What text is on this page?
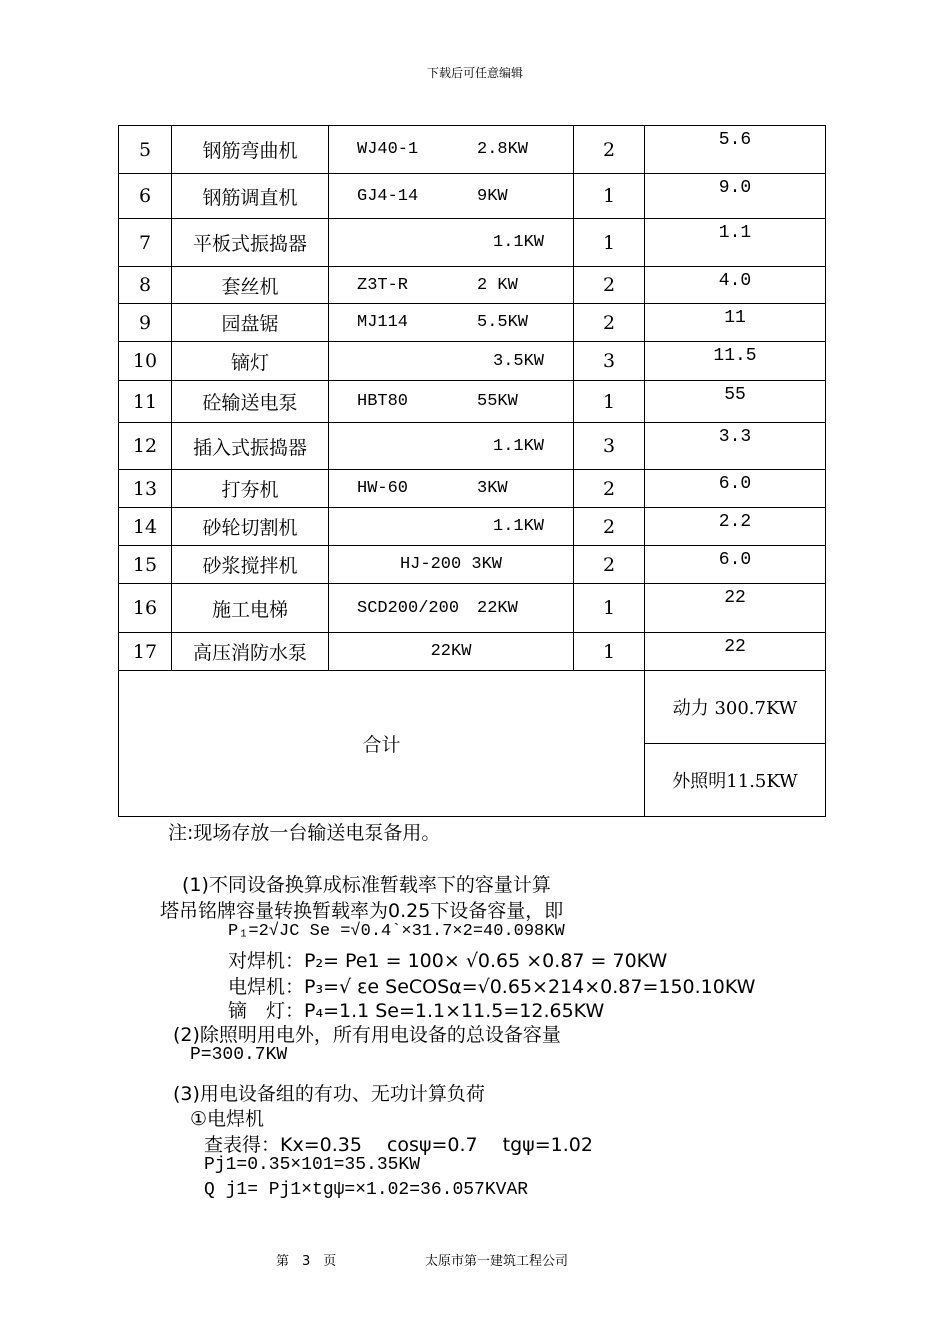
下载后可任意编辑
5	钢筋弯曲机	WJ40-1 2.8KW	2	5.6
6	钢筋调直机	GJ4-14 9KW	1	9.0
7	平板式振捣器	1.1KW	1	1.1
8	套丝机	Z3T-R 2 KW	2	4.0
9	园盘锯	MJ114 5.5KW	2	11
10	镝灯	3.5KW	3	11.5
11	砼输送电泵	HBT80 55KW	1	55
12	插入式振捣器	1.1KW	3	3.3
13	打夯机	HW-60 3KW	2	6.0
14	砂轮切割机	1.1KW	2	2.2
15	砂浆搅拌机	HJ-200 3KW	2	6.0
16	施工电梯	SCD200/200 22KW	1	22
17	高压消防水泵	22KW	1	22
合计				动力 300.7KW
				外照明11.5KW
注:现场存放一台输送电泵备用。
(1)不同设备换算成标准暂载率下的容量计算
塔吊铭牌容量转换暂载率为0.25下设备容量，即
P₁=2√JC Se =√0.4`×31.7×2=40.098KW
对焊机：P₂= Pe1 = 100× √0.65 ×0.87 = 70KW
电焊机：P₃=√ εe SeCOSα=√0.65×214×0.87=150.10KW
镝　灯：P₄=1.1 Se=1.1×11.5=12.65KW
(2)除照明用电外，所有用电设备的总设备容量
P=300.7KW
(3)用电设备组的有功、无功计算负荷
①电焊机
查表得：Kx=0.35　 cosψ=0.7　 tgψ=1.02
Pj1=0.35×101=35.35KW
Q j1= Pj1×tgψ=×1.02=36.057KVAR
第　3　页	太原市第一建筑工程公司
